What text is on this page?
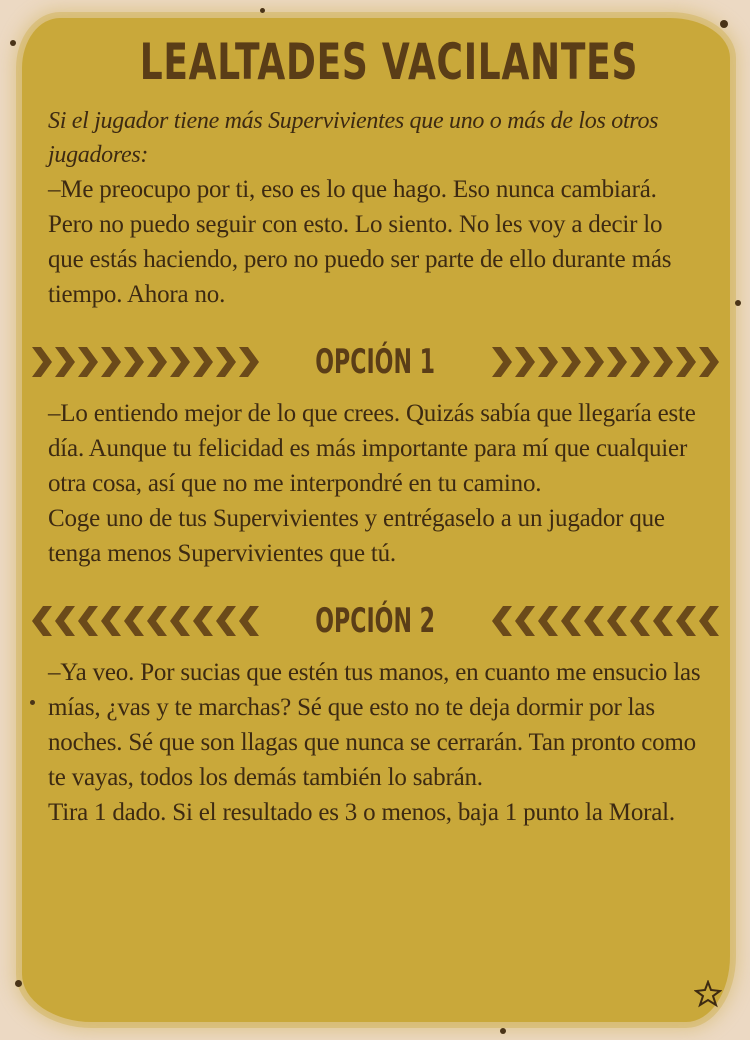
LEALTADES VACILANTES

Si el jugador tiene más Supervivientes que uno o más de los otros jugadores:

–Me preocupo por ti, eso es lo que hago. Eso nunca cambiará. Pero no puedo seguir con esto. Lo siento. No les voy a decir lo que estás haciendo, pero no puedo ser parte de ello durante más tiempo. Ahora no.

OPCIÓN 1

–Lo entiendo mejor de lo que crees. Quizás sabía que llegaría este día. Aunque tu felicidad es más importante para mí que cualquier otra cosa, así que no me interpondré en tu camino.

Coge uno de tus Supervivientes y entrégaselo a un jugador que tenga menos Supervivientes que tú.

OPCIÓN 2

–Ya veo. Por sucias que estén tus manos, en cuanto me ensucio las mías, ¿vas y te marchas? Sé que esto no te deja dormir por las noches. Sé que son llagas que nunca se cerrarán. Tan pronto como te vayas, todos los demás también lo sabrán.

Tira 1 dado. Si el resultado es 3 o menos, baja 1 punto la Moral.
